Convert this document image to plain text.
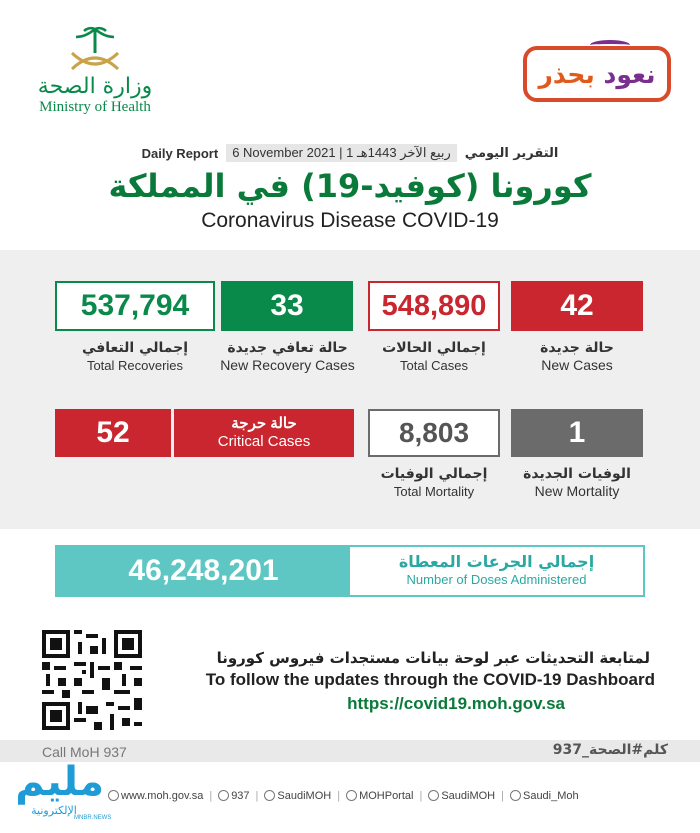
وزارة الصحة
Ministry of Health
نعود

بحذر
Daily Report	6 November 2021 | 1 ربيع الآخر 1443هـ	التقرير اليومي
كورونا (كوفيد-19) في المملكة
Coronavirus Disease COVID-19
537,794
إجمالي التعافي
Total Recoveries
33
حالة تعافي جديدة
New Recovery Cases
548,890
إجمالي الحالات
Total Cases
42
حالة جديدة
New Cases
52	حالة حرجة
Critical Cases	8,803
إجمالي الوفيات
Total Mortality
1
الوفيات الجديدة
New Mortality
46,248,201	إجمالي الجرعات المعطاة
Number of Doses Administered
لمتابعة التحديثات عبر لوحة بيانات مستجدات فيروس كورونا
To follow the updates through the COVID-19 Dashboard
https://covid19.moh.gov.sa
Call MoH 937	كلم#الصحة_937
www.moh.gov.sa |	937 |	SaudiMOH |	MOHPortal |	SaudiMOH |	Saudi_Moh
مليم
الإلكترونية
MNBR.NEWS
